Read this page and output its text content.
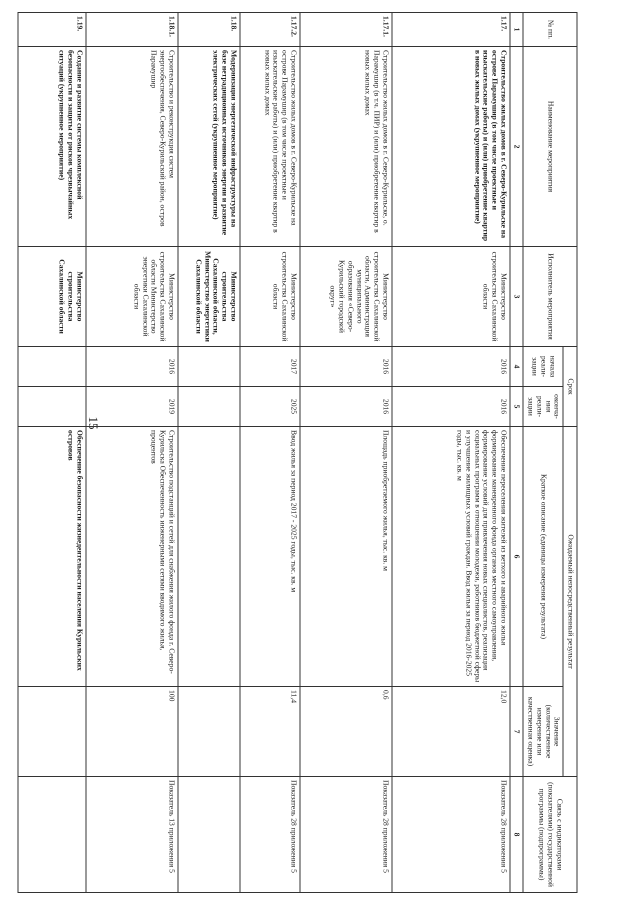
15
№ пп.	Наименование мероприятия	Исполнитель мероприятия	Срок		Ожидаемый непосредственный результат		Связь с индикаторами (показателями) государственной программы (подпрограммы)
			начала реали-зации	оконча-ния реали-зации	Краткое описание (единицы измерения результата)	Значение (количественное измерение или качественная оценка)	

1	2	3	4	5	6	7	8
1.17.	Строительство жилых домов в г. Северо-Курильске на острове Парамушир (в том числе проектные и изыскательские работы) и (или) приобретение квартир в новых жилых домах (укрупненное мероприятие)	Министерство строительства Сахалинской области	2016	2016	Обеспечение переселения жителей из ветхого и аварийного жилья формирование маневренного фонда органов местного самоуправления, формирование условий для привлечения новых специалистов, реализация социальных программ в отношении молодежи, работников бюджетной сферы и улучшение жилищных условий граждан. Ввод жилья за период 2016-2025 годы, тыс. кв. м	12,0	Показатель 28 приложения 5
1.17.1.	Строительство жилых домов в г. Северо-Курильске, о. Парамушир (в т.ч. ПИР) и (или) приобретение квартир в новых жилых домах	Министерство строительства Сахалинской области, Администрация муниципального образования «Северо-Курильский городской округ»	2016	2016	Площадь приобретаемого жилья, тыс. кв. м	0,6	Показатель 28 приложения 5
1.17.2.	Строительство жилых домов в г. Северо-Курильске на острове Парамушир (в том числе проектные и изыскательские работы) и (или) приобретение квартир в новых жилых домах	Министерство строительства Сахалинской области	2017	2025	Ввод жилья за период 2017 - 2025 годы, тыс. кв. м	11,4	Показатель 28 приложения 5
1.18.	Модернизация энергетической инфраструктуры на базе нетрадиционных источников энергии и развитие электрических сетей (укрупненное мероприятие)	Министерство строительства Сахалинской области, Министерство энергетики Сахалинской области					
1.18.1.	Строительство и реконструкция систем энергообеспечения, Северо-Курильский район, остров Парамушир	Министерство строительства Сахалинской области Министерство энергетики Сахалинской области	2016	2019	Строительство подстанций и сетей для снабжения жилого фонда г. Северо-Курильска Обеспеченность инженерными сетями вводимого жилья, процентов	100	Показатель 13 приложения 5
1.19.	Создание и развитие системы комплексной безопасности и защиты от рисков чрезвычайных ситуаций (укрупненное мероприятие)	Министерство строительства Сахалинской области			Обеспечение безопасности жизнедеятельности населения Курильских островов		
